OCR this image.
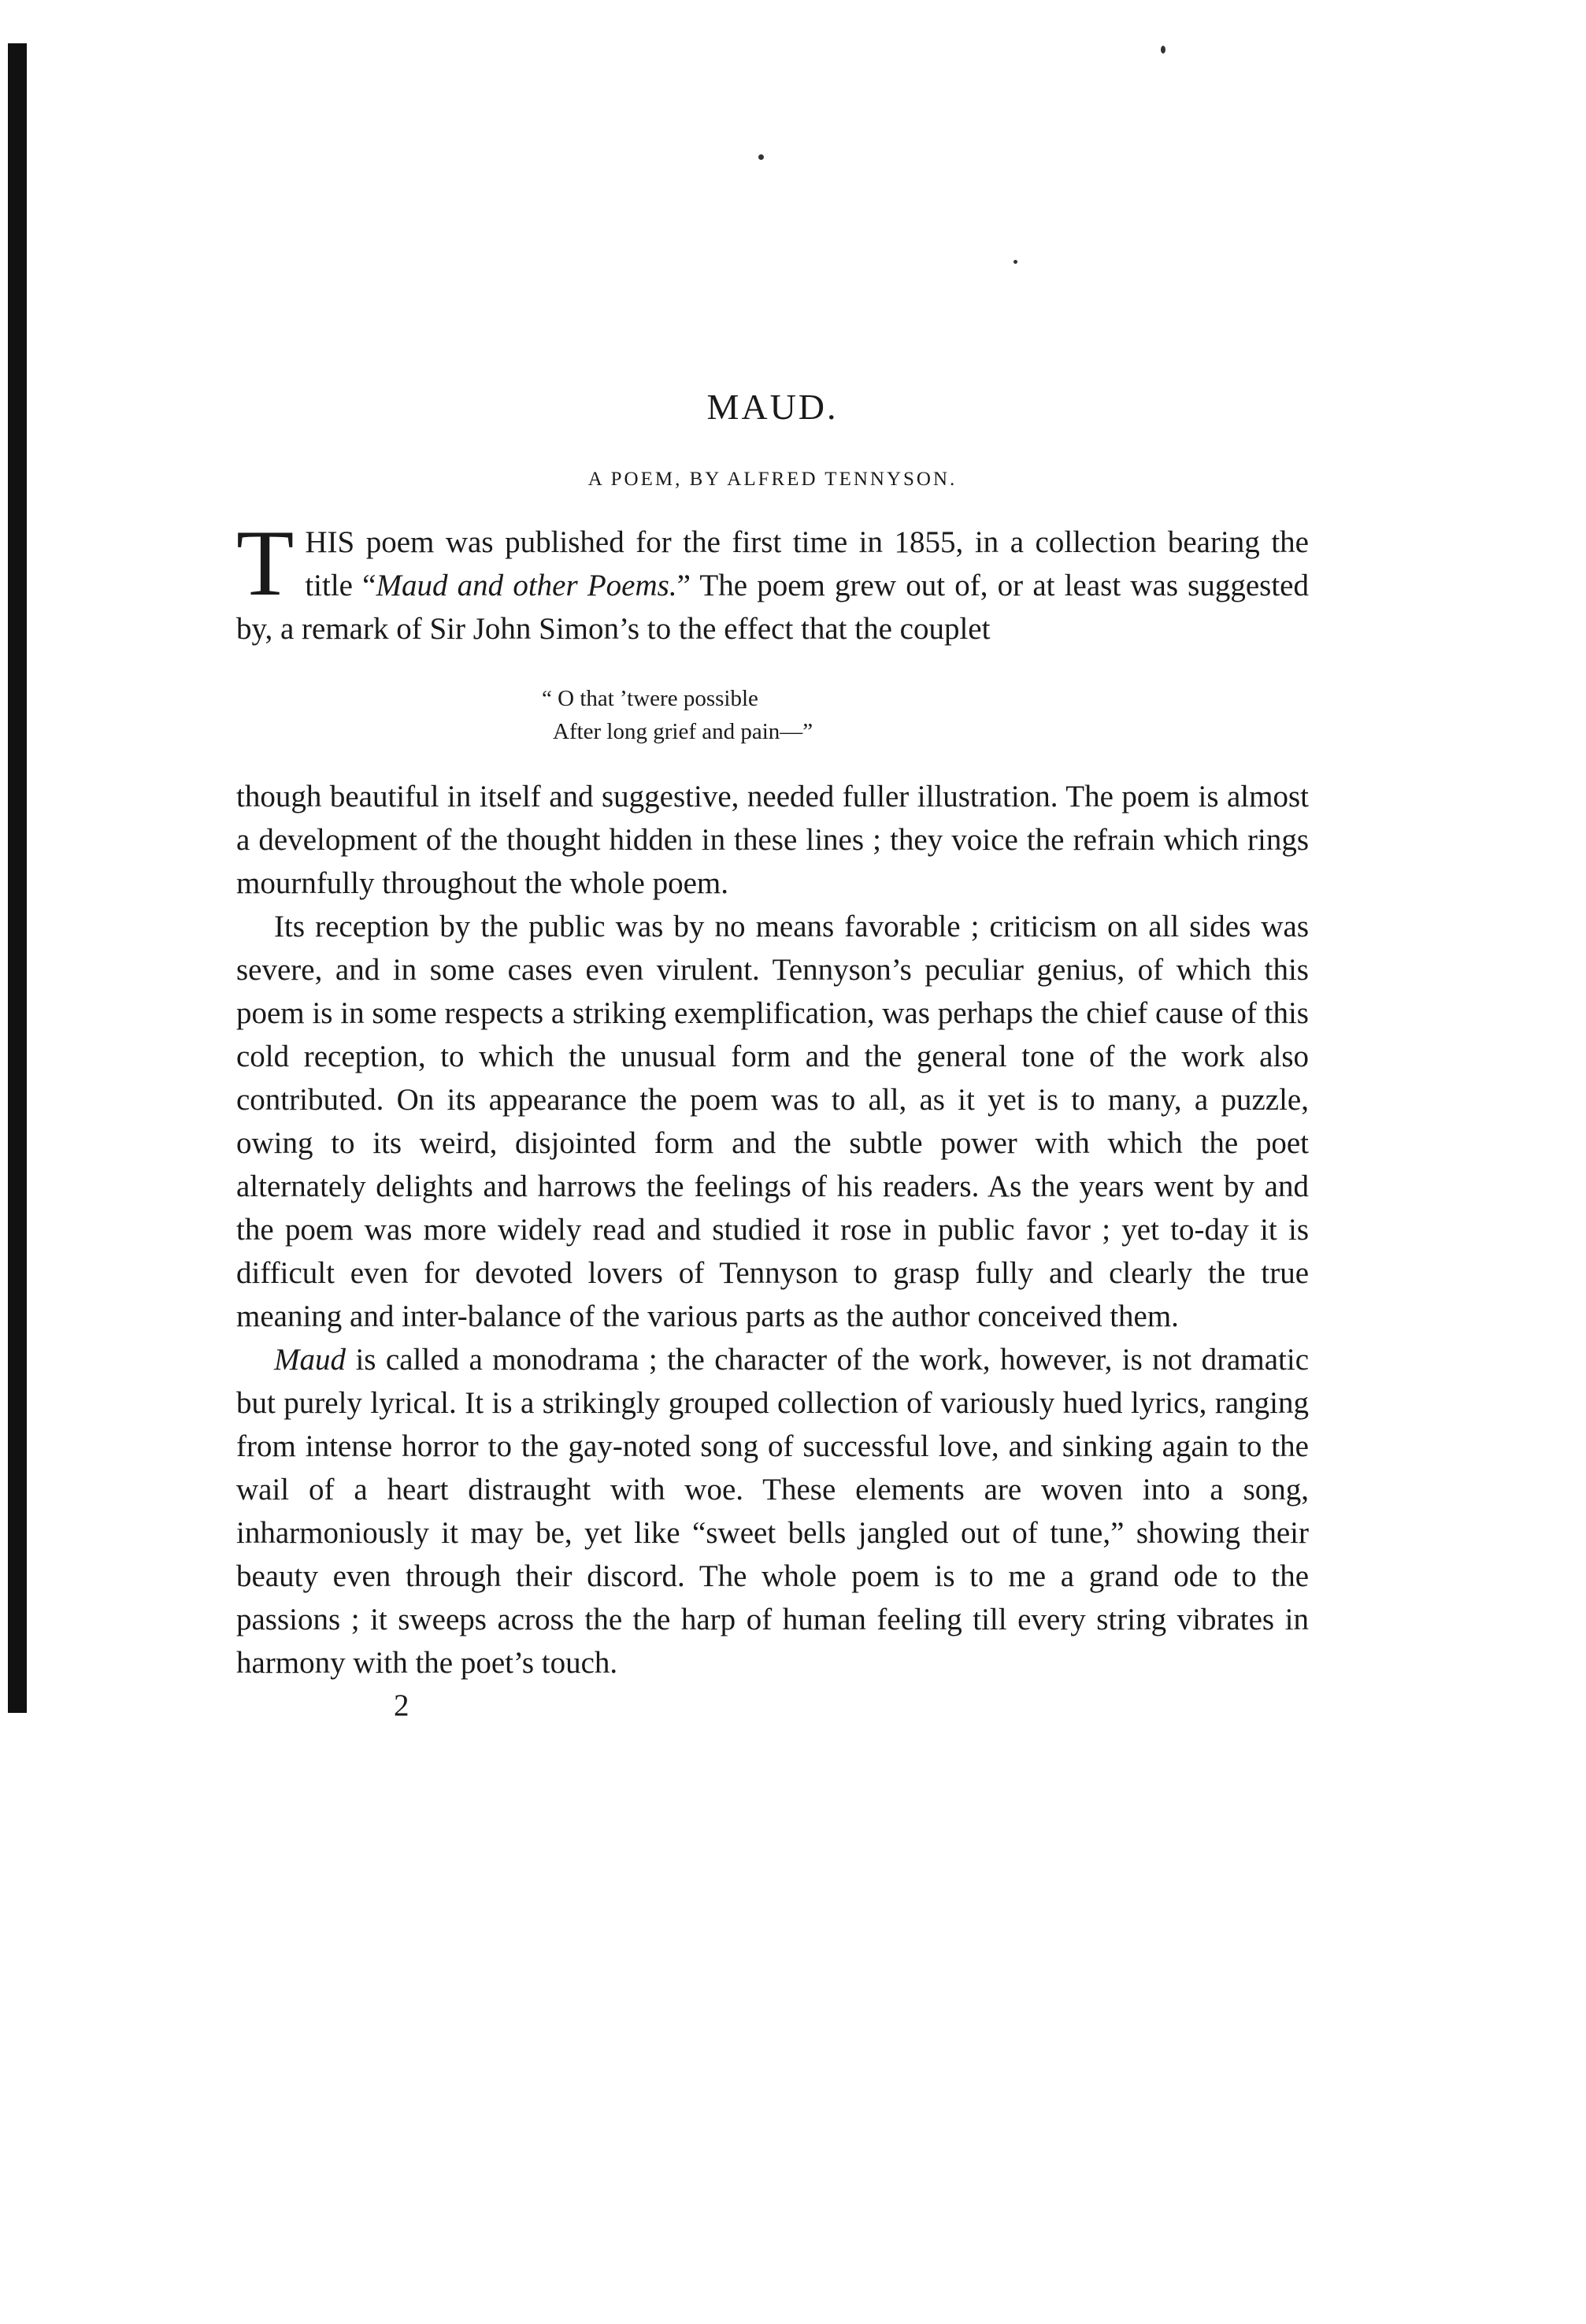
MAUD.
A POEM, BY ALFRED TENNYSON.

THIS poem was published for the first time in 1855, in a collection bearing the title “Maud and other Poems.” The poem grew out of, or at least was suggested by, a remark of Sir John Simon’s to the effect that the couplet

“ O that ’twere possible
After long grief and pain—”

though beautiful in itself and suggestive, needed fuller illustration. The poem is almost a development of the thought hidden in these lines ; they voice the refrain which rings mournfully throughout the whole poem.

Its reception by the public was by no means favorable ; criticism on all sides was severe, and in some cases even virulent. Tennyson’s peculiar genius, of which this poem is in some respects a striking exemplification, was perhaps the chief cause of this cold reception, to which the unusual form and the general tone of the work also contributed. On its appearance the poem was to all, as it yet is to many, a puzzle, owing to its weird, disjointed form and the subtle power with which the poet alternately delights and harrows the feelings of his readers. As the years went by and the poem was more widely read and studied it rose in public favor ; yet to-day it is difficult even for devoted lovers of Tennyson to grasp fully and clearly the true meaning and inter-balance of the various parts as the author conceived them.

Maud is called a monodrama ; the character of the work, however, is not dramatic but purely lyrical. It is a strikingly grouped collection of variously hued lyrics, ranging from intense horror to the gay-noted song of successful love, and sinking again to the wail of a heart distraught with woe. These elements are woven into a song, inharmoniously it may be, yet like “sweet bells jangled out of tune,” showing their beauty even through their discord. The whole poem is to me a grand ode to the passions ; it sweeps across the the harp of human feeling till every string vibrates in harmony with the poet’s touch.

2
